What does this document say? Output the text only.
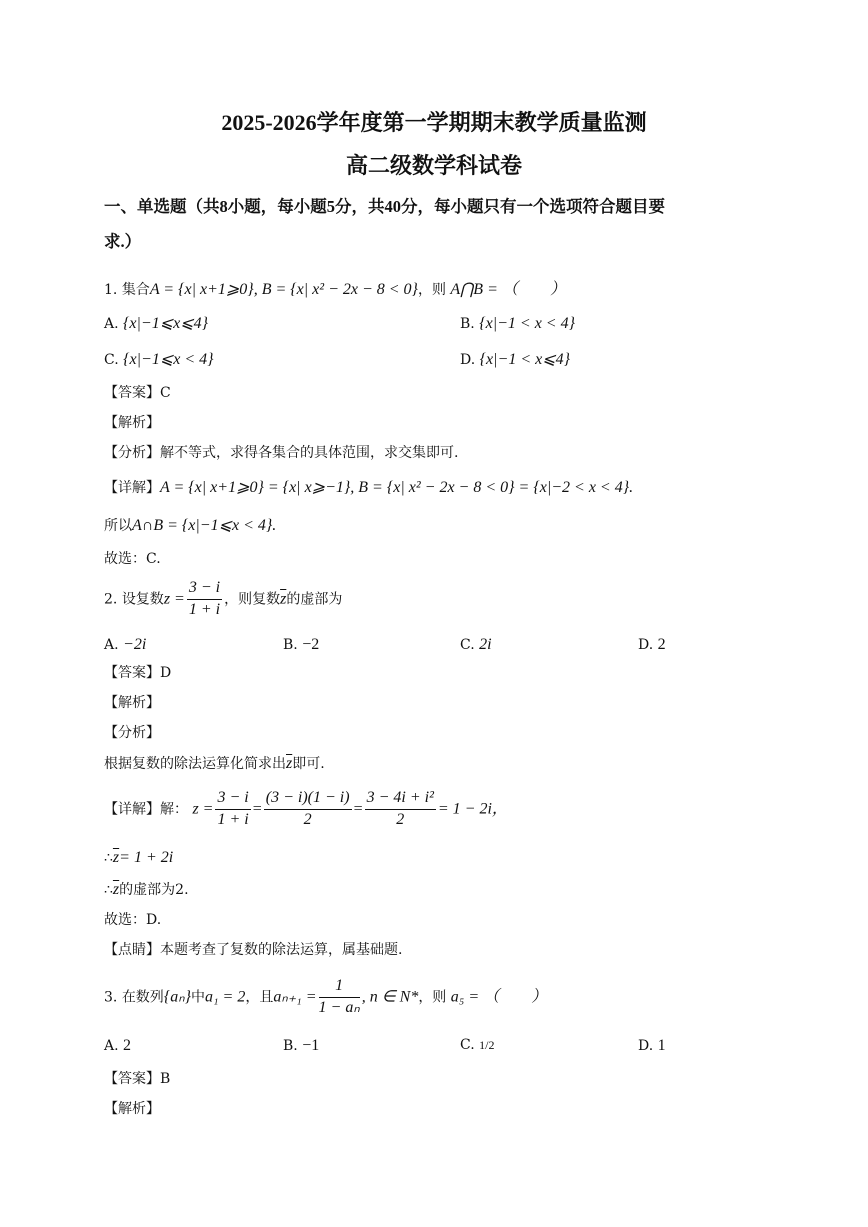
2025-2026学年度第一学期期末教学质量监测
高二级数学科试卷
一、单选题（共8小题，每小题5分，共40分，每小题只有一个选项符合题目要
求.）
1. 集合A = {x| x+1⩾0}, B = {x| x² − 2x − 8 < 0}，则 A⋂B = （　　）
A. {x|−1⩽x⩽4}	B. {x|−1 < x < 4}
C. {x|−1⩽x < 4}	D. {x|−1 < x⩽4}
【答案】C
【解析】
【分析】解不等式，求得各集合的具体范围，求交集即可.
【详解】A = {x| x+1⩾0} = {x| x⩾−1}, B = {x| x² − 2x − 8 < 0} = {x|−2 < x < 4}.
所以A∩B = {x|−1⩽x < 4}.
故选：C.
2. 设复数$z = \frac{3 - i}{1 + i}$ ，则复数$\overline{z}$的虚部为
A. −2i	B. −2	C. 2i	D. 2
【答案】D
【解析】
【分析】
根据复数的除法运算化简求出$\overline{z}$即可.
【详解】解： $z = \frac{3 - i}{1 + i} = \frac{(3 - i)(1 - i)}{2} = \frac{\text{3 − 4i + i²}}{2} = 1 - 2i$，
$\therefore\overline{z}= 1 + 2i$
$\therefore\overline{z}$的虚部为2.
故选：D.
【点睛】本题考查了复数的除法运算，属基础题.
3. 在数列{aₙ}中a₁ = 2，且$a_{n+1} = \frac{1}{\text{1 − aₙ}}$ , n ∈ N*，则 a₅ = （　　）
A. 2	B. −1	C. 1/2	D. 1
【答案】B
【解析】
